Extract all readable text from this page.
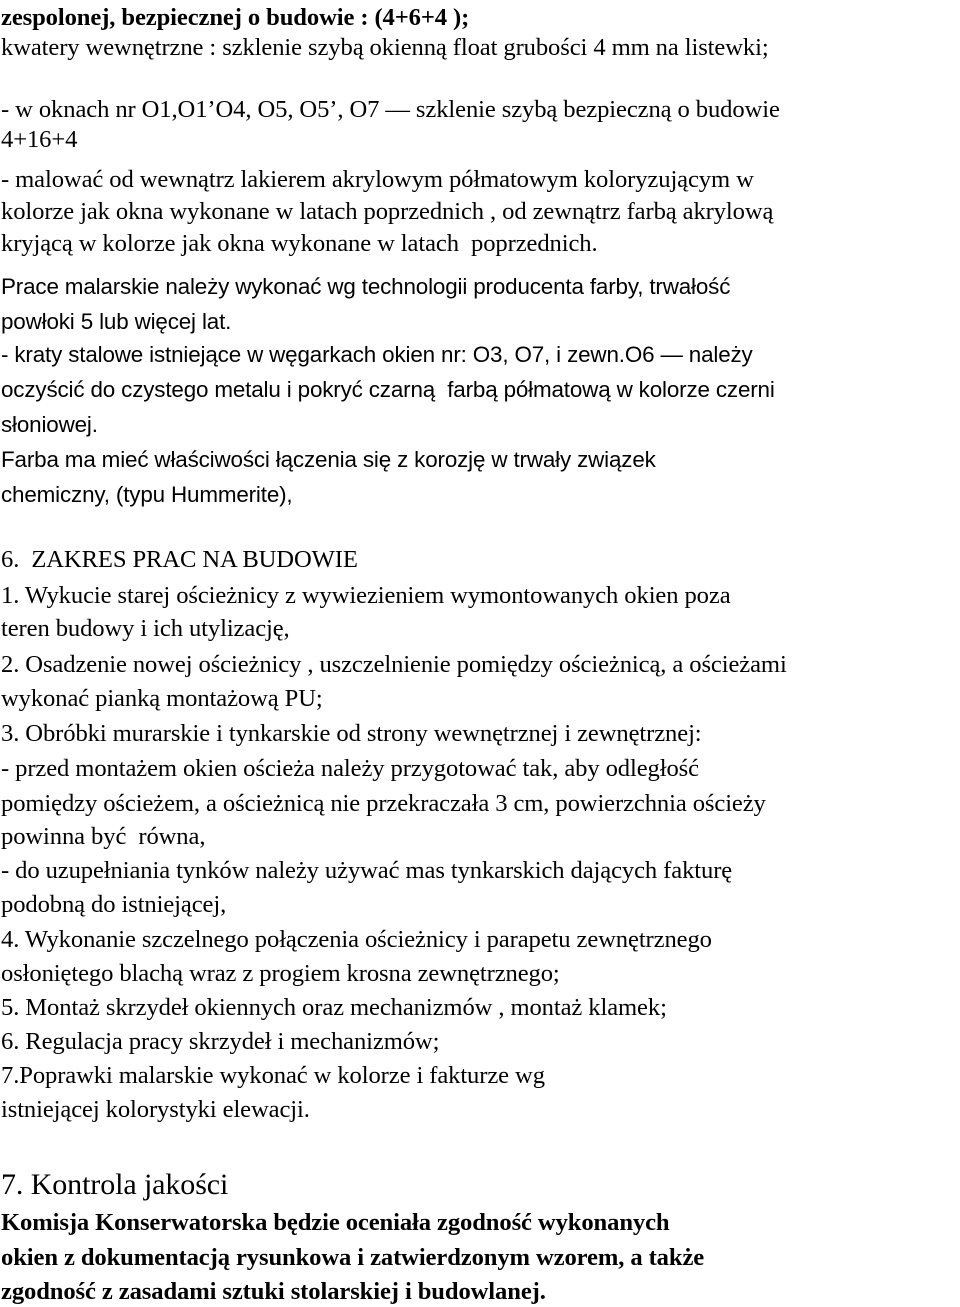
zespolonej, bezpiecznej o budowie : (4+6+4 );
kwatery wewnętrzne : szklenie szybą okienną float grubości 4 mm na listewki;
- w oknach nr O1,O1’O4, O5, O5’, O7 — szklenie szybą bezpieczną o budowie
4+16+4
- malować od wewnątrz lakierem akrylowym półmatowym koloryzującym w
kolorze jak okna wykonane w latach poprzednich , od zewnątrz farbą akrylową
kryjącą w kolorze jak okna wykonane w latach  poprzednich.
Prace malarskie należy wykonać wg technologii producenta farby, trwałość
powłoki 5 lub więcej lat.
- kraty stalowe istniejące w węgarkach okien nr: O3, O7, i zewn.O6 — należy
oczyścić do czystego metalu i pokryć czarną  farbą półmatową w kolorze czerni
słoniowej.
Farba ma mieć właściwości łączenia się z korozję w trwały związek
chemiczny, (typu Hummerite),
6.  ZAKRES PRAC NA BUDOWIE
1. Wykucie starej ościeżnicy z wywiezieniem wymontowanych okien poza
teren budowy i ich utylizację,
2. Osadzenie nowej ościeżnicy , uszczelnienie pomiędzy ościeżnicą, a ościeżami
wykonać pianką montażową PU;
3. Obróbki murarskie i tynkarskie od strony wewnętrznej i zewnętrznej:
- przed montażem okien ościeża należy przygotować tak, aby odległość
pomiędzy ościeżem, a ościeżnicą nie przekraczała 3 cm, powierzchnia ościeży
powinna być  równa,
- do uzupełniania tynków należy używać mas tynkarskich dających fakturę
podobną do istniejącej,
4. Wykonanie szczelnego połączenia ościeżnicy i parapetu zewnętrznego
osłoniętego blachą wraz z progiem krosna zewnętrznego;
5. Montaż skrzydeł okiennych oraz mechanizmów , montaż klamek;
6. Regulacja pracy skrzydeł i mechanizmów;
7.Poprawki malarskie wykonać w kolorze i fakturze wg
istniejącej kolorystyki elewacji.
7. Kontrola jakości
Komisja Konserwatorska będzie oceniała zgodność wykonanych
okien z dokumentacją rysunkowa i zatwierdzonym wzorem, a także
zgodność z zasadami sztuki stolarskiej i budowlanej.
